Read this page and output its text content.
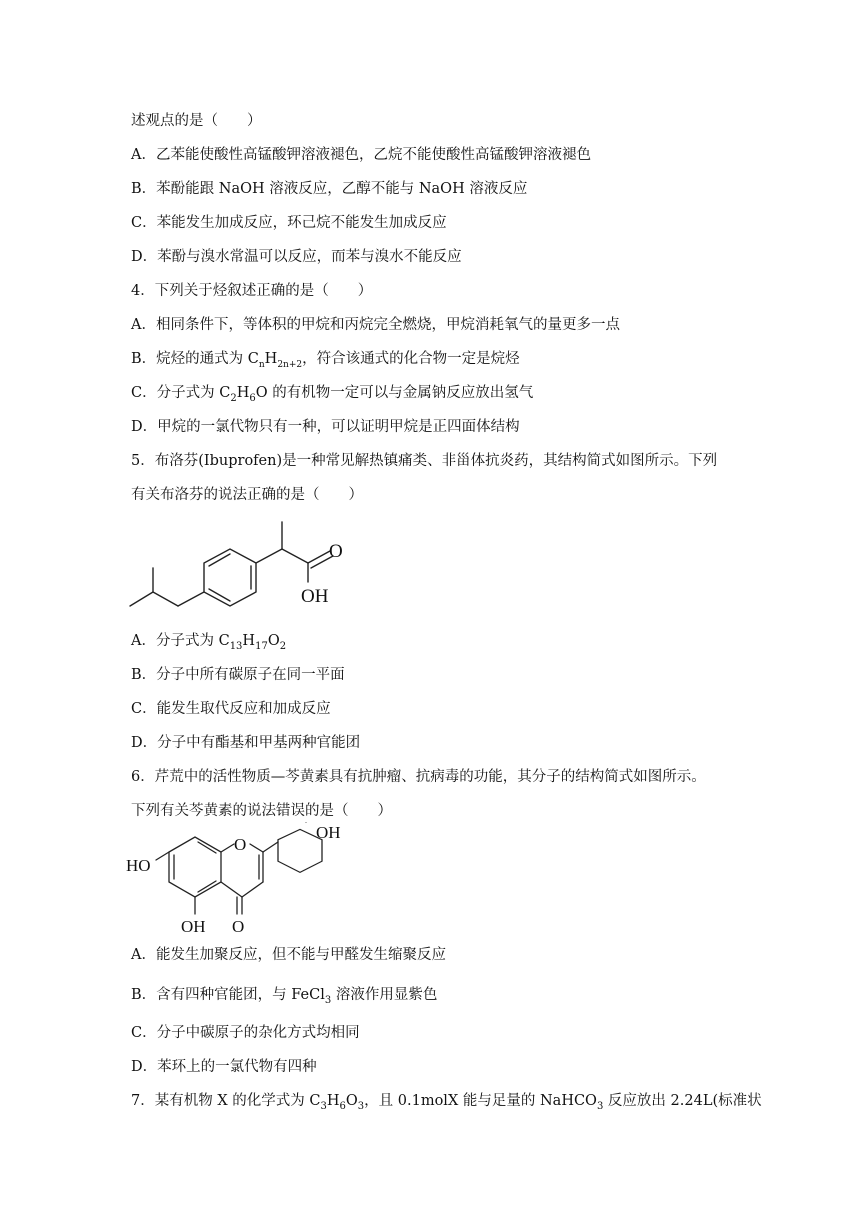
述观点的是（　　）
A．乙苯能使酸性高锰酸钾溶液褪色，乙烷不能使酸性高锰酸钾溶液褪色
B．苯酚能跟 NaOH 溶液反应，乙醇不能与 NaOH 溶液反应
C．苯能发生加成反应，环己烷不能发生加成反应
D．苯酚与溴水常温可以反应，而苯与溴水不能反应
4．下列关于烃叙述正确的是（　　）
A．相同条件下，等体积的甲烷和丙烷完全燃烧，甲烷消耗氧气的量更多一点
B．烷烃的通式为 $C_nH_{2n+2}$，符合该通式的化合物一定是烷烃
C．分子式为 $C_2H_6O$ 的有机物一定可以与金属钠反应放出氢气
D．甲烷的一氯代物只有一种，可以证明甲烷是正四面体结构
5．布洛芬(Ibuprofen)是一种常见解热镇痛类、非甾体抗炎药，其结构简式如图所示。下列
有关布洛芬的说法正确的是（　　）
O
OH
A．分子式为 $C_{13}H_{17}O_2$
B．分子中所有碳原子在同一平面
C．能发生取代反应和加成反应
D．分子中有酯基和甲基两种官能团
6．芹荒中的活性物质—芩黄素具有抗肿瘤、抗病毒的功能，其分子的结构简式如图所示。
下列有关芩黄素的说法错误的是（　　）
HO
O
OH
OH O
A．能发生加聚反应，但不能与甲醛发生缩聚反应
B．含有四种官能团，与 FeCl$_3$ 溶液作用显紫色
C．分子中碳原子的杂化方式均相同
D．苯环上的一氯代物有四种
7．某有机物 X 的化学式为 $C_3H_6O_3$，且 0.1molX 能与足量的 NaHCO$_3$ 反应放出 2.24L(标准状
